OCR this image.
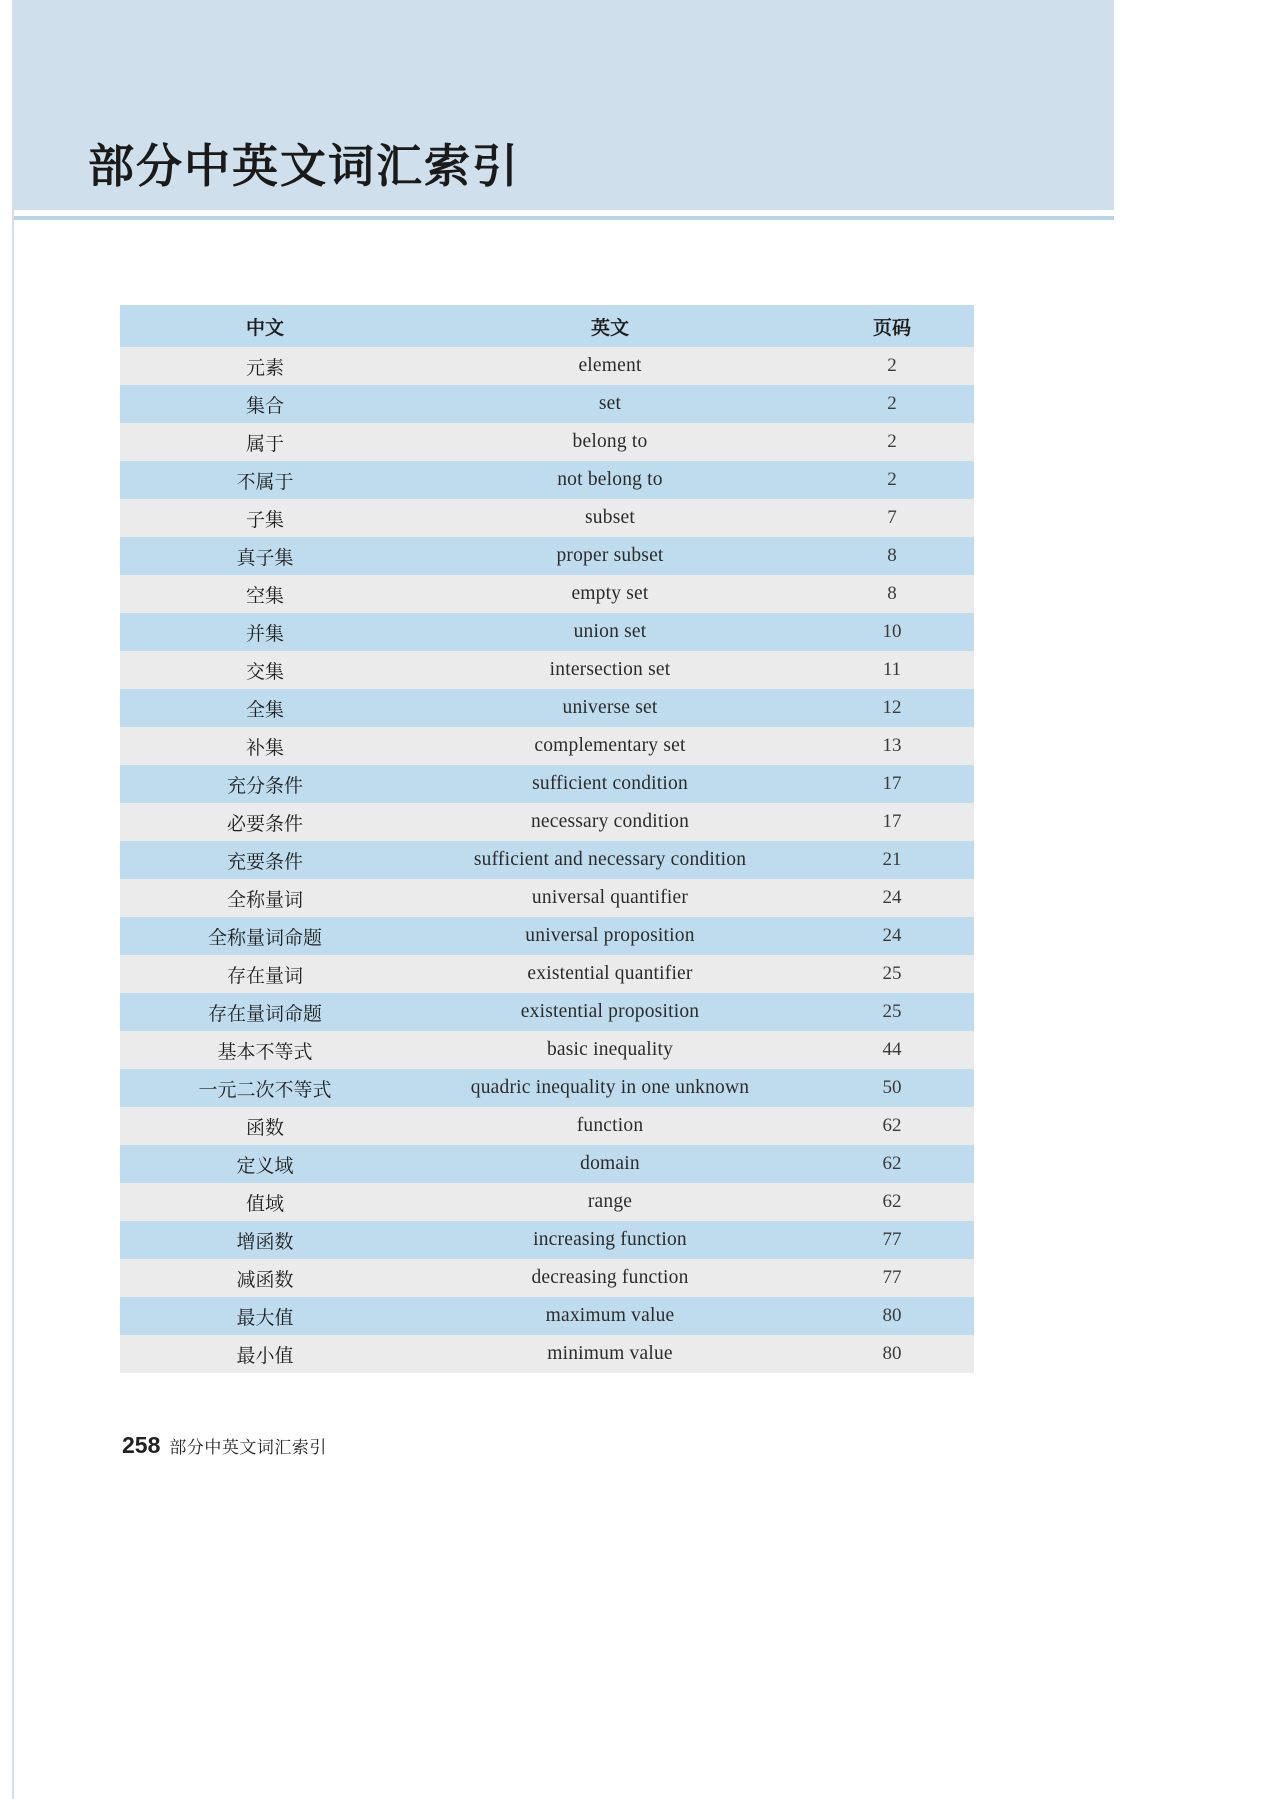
部分中英文词汇索引
中文	英文	页码
元素	element	2
集合	set	2
属于	belong to	2
不属于	not belong to	2
子集	subset	7
真子集	proper subset	8
空集	empty set	8
并集	union set	10
交集	intersection set	11
全集	universe set	12
补集	complementary set	13
充分条件	sufficient condition	17
必要条件	necessary condition	17
充要条件	sufficient and necessary condition	21
全称量词	universal quantifier	24
全称量词命题	universal proposition	24
存在量词	existential quantifier	25
存在量词命题	existential proposition	25
基本不等式	basic inequality	44
一元二次不等式	quadric inequality in one unknown	50
函数	function	62
定义域	domain	62
值域	range	62
增函数	increasing function	77
减函数	decreasing function	77
最大值	maximum value	80
最小值	minimum value	80
258 部分中英文词汇索引
